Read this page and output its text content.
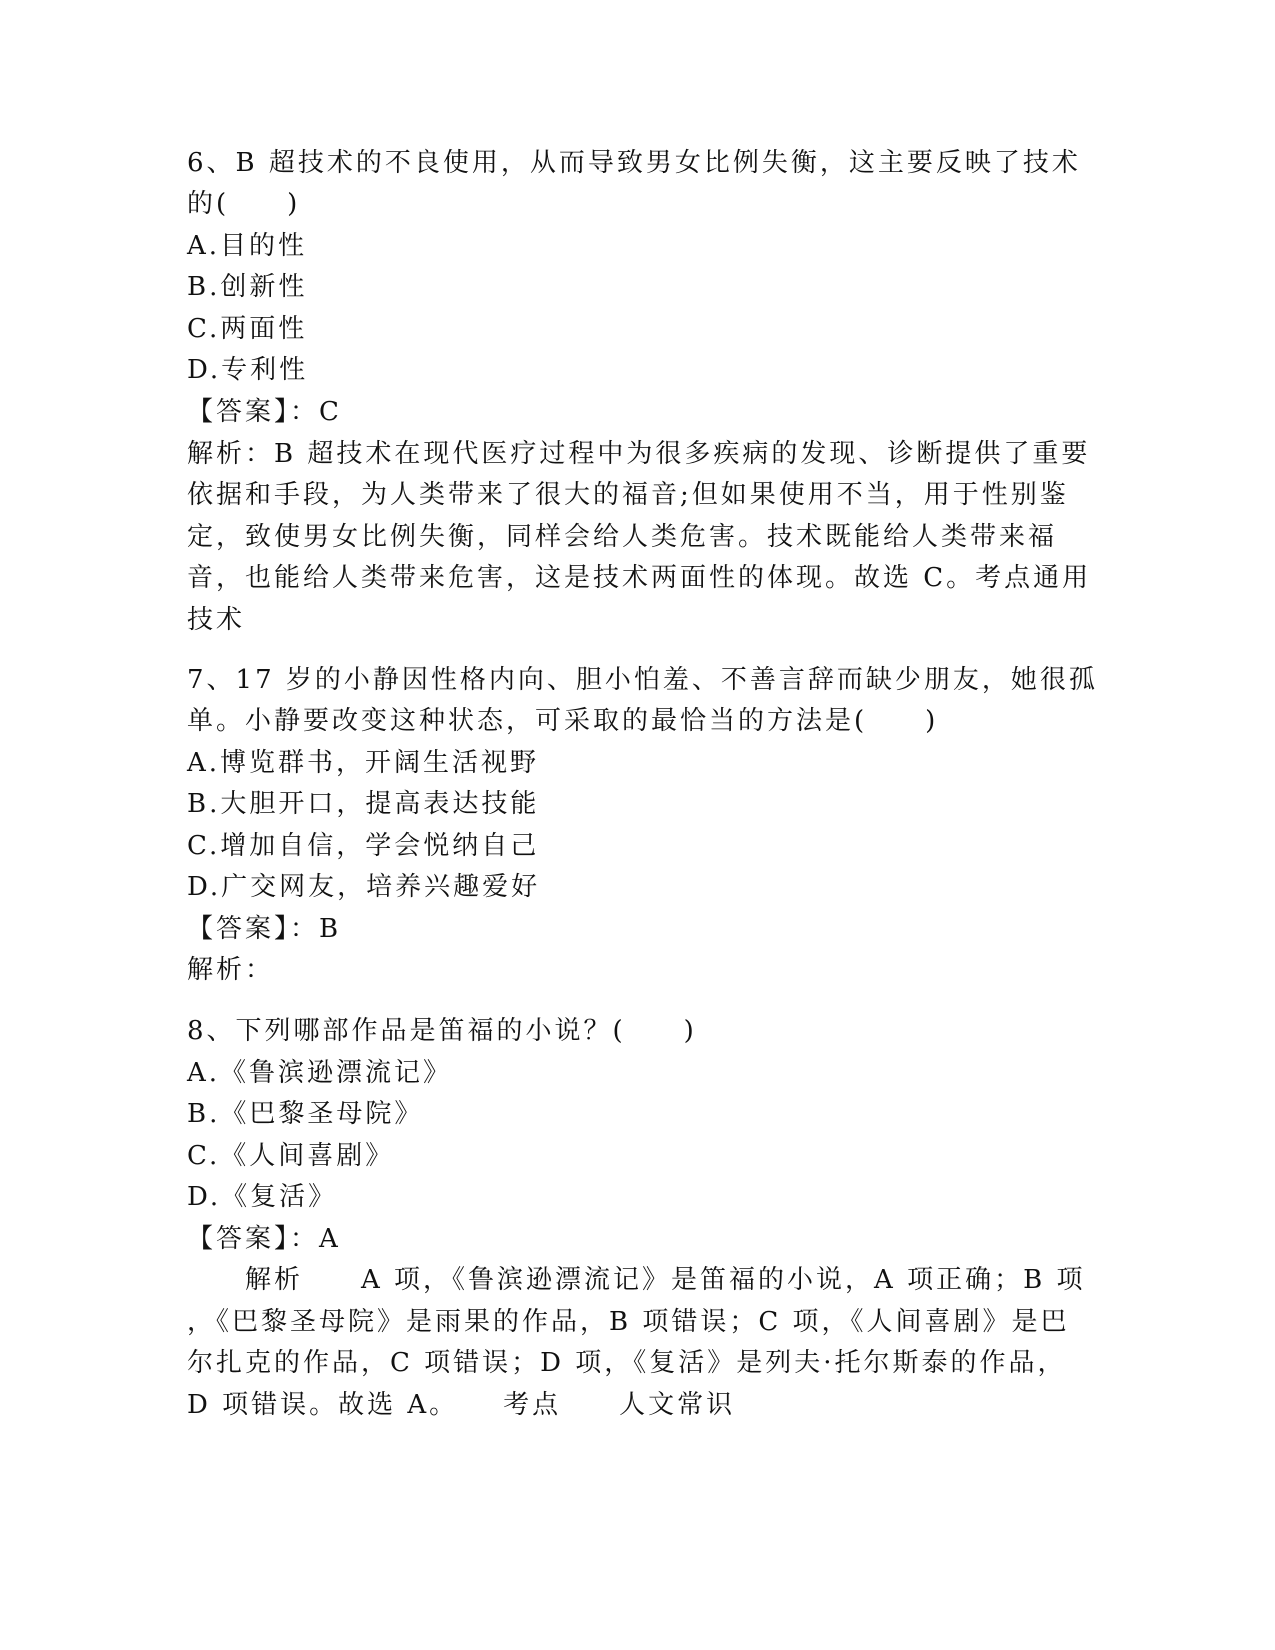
6、B 超技术的不良使用，从而导致男女比例失衡，这主要反映了技术
的(　　)
A.目的性
B.创新性
C.两面性
D.专利性
【答案】：C
解析：B 超技术在现代医疗过程中为很多疾病的发现、诊断提供了重要
依据和手段，为人类带来了很大的福音;但如果使用不当，用于性别鉴
定，致使男女比例失衡，同样会给人类危害。技术既能给人类带来福
音，也能给人类带来危害，这是技术两面性的体现。故选 C。考点通用
技术
7、17 岁的小静因性格内向、胆小怕羞、不善言辞而缺少朋友，她很孤
单。小静要改变这种状态，可采取的最恰当的方法是(　　)
A.博览群书，开阔生活视野
B.大胆开口，提高表达技能
C.增加自信，学会悦纳自己
D.广交网友，培养兴趣爱好
【答案】：B
解析：
8、下列哪部作品是笛福的小说？(　　)
A.《鲁滨逊漂流记》
B.《巴黎圣母院》
C.《人间喜剧》
D.《复活》
【答案】：A
　　解析　　A 项，《鲁滨逊漂流记》是笛福的小说，A 项正确；B 项
，《巴黎圣母院》是雨果的作品，B 项错误；C 项，《人间喜剧》是巴
尔扎克的作品，C 项错误；D 项，《复活》是列夫·托尔斯泰的作品，
D 项错误。故选 A。　　考点　　人文常识
